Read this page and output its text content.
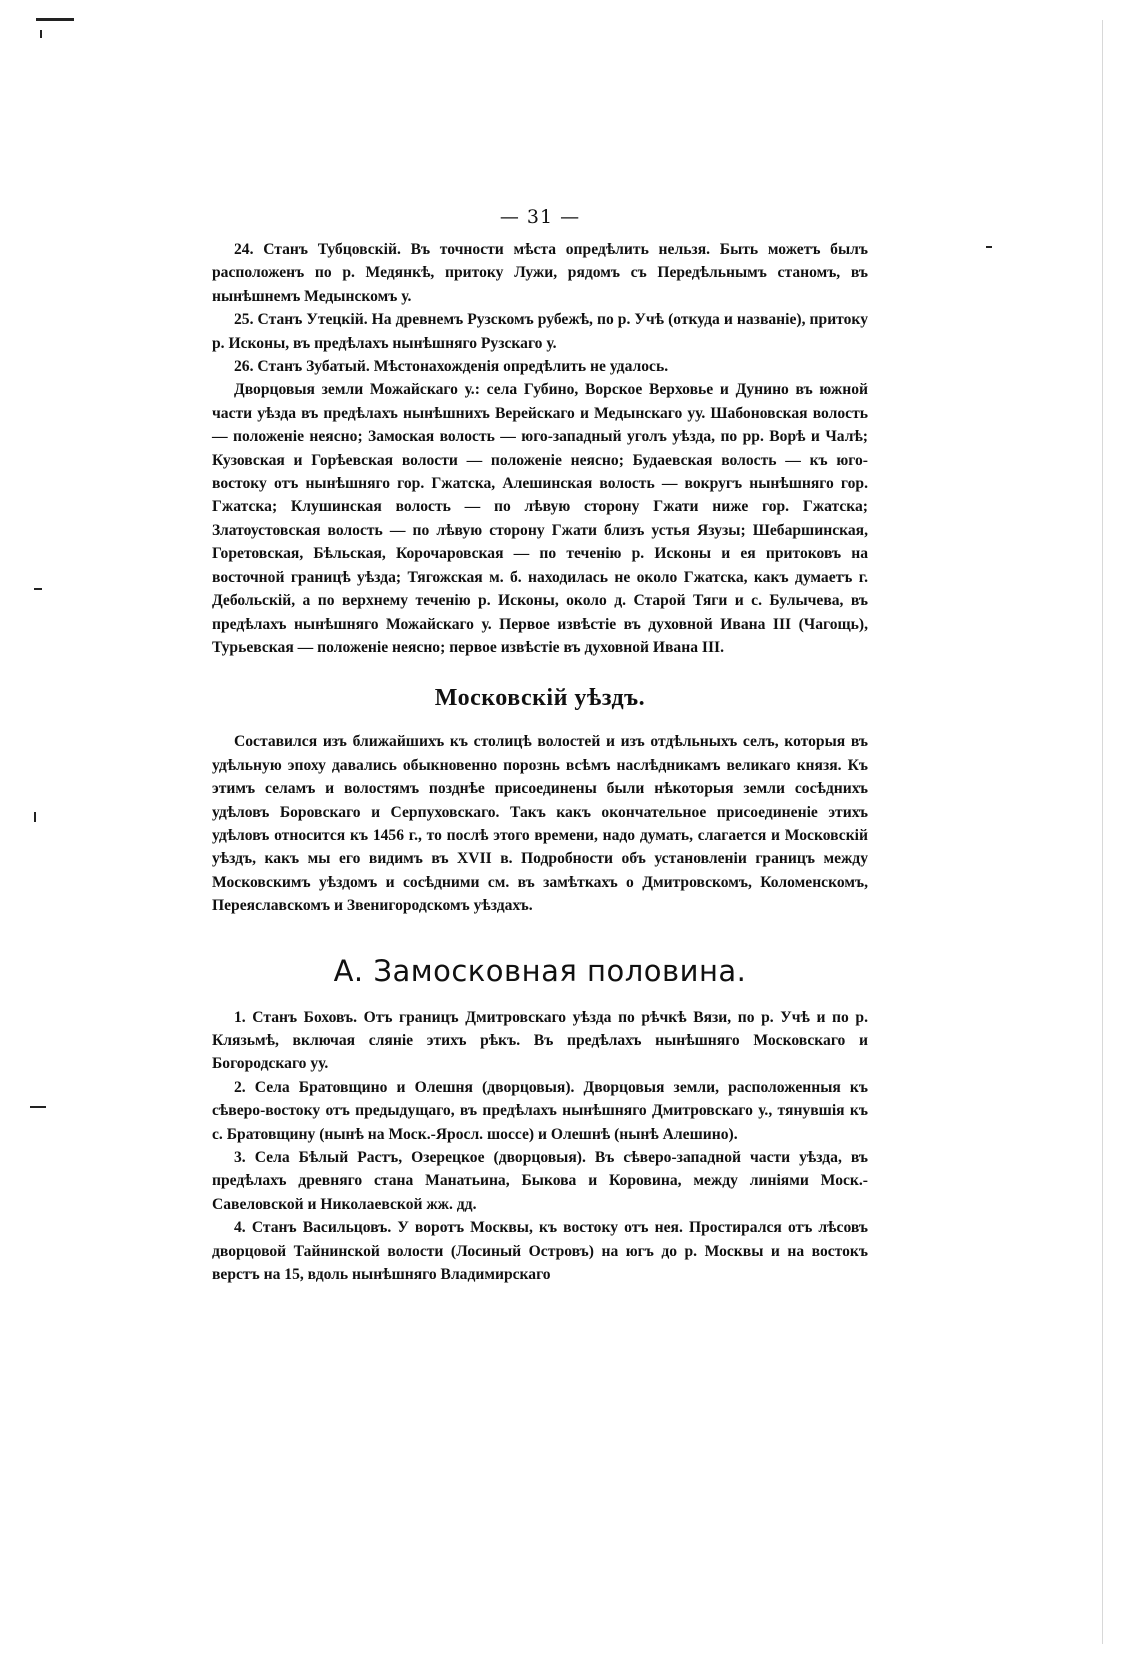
— 31 —

24. Станъ Тубцовскій. Въ точности мѣста опредѣлить нельзя. Быть можетъ былъ расположенъ по р. Медянкѣ, притоку Лужи, рядомъ съ Передѣльнымъ станомъ, въ нынѣшнемъ Медынскомъ у.

25. Станъ Утецкій. На древнемъ Рузскомъ рубежѣ, по р. Учѣ (откуда и названіе), притоку р. Исконы, въ предѣлахъ нынѣшняго Рузскаго у.

26. Станъ Зубатый. Мѣстонахожденія опредѣлить не удалось.

Дворцовыя земли Можайскаго у.: села Губино, Ворское Верховье и Дунино въ южной части уѣзда въ предѣлахъ нынѣшнихъ Верейскаго и Медынскаго уу. Шабоновская волость — положеніе неясно; Замоская волость — юго-западный уголъ уѣзда, по рр. Ворѣ и Чалѣ; Кузовская и Горѣевская волости — положеніе неясно; Будаевская волость — къ юго-востоку отъ нынѣшняго гор. Гжатска, Алешинская волость — вокругъ нынѣшняго гор. Гжатска; Клушинская волость — по лѣвую сторону Гжати ниже гор. Гжатска; Златоустовская волость — по лѣвую сторону Гжати близъ устья Язузы; Шебаршинская, Горетовская, Бѣльская, Корочаровская — по теченію р. Исконы и ея притоковъ на восточной границѣ уѣзда; Тягожская м. б. находилась не около Гжатска, какъ думаетъ г. Дебольскій, а по верхнему теченію р. Исконы, около д. Старой Тяги и с. Булычева, въ предѣлахъ нынѣшняго Можайскаго у. Первое извѣстіе въ духовной Ивана III (Чагощь), Турьевская — положеніе неясно; первое извѣстіе въ духовной Ивана III.

Московскій уѣздъ.

Составился изъ ближайшихъ къ столицѣ волостей и изъ отдѣльныхъ селъ, которыя въ удѣльную эпоху давались обыкновенно порознь всѣмъ наслѣдникамъ великаго князя. Къ этимъ селамъ и волостямъ позднѣе присоединены были нѣкоторыя земли сосѣднихъ удѣловъ Боровскаго и Серпуховскаго. Такъ какъ окончательное присоединеніе этихъ удѣловъ относится къ 1456 г., то послѣ этого времени, надо думать, слагается и Московскій уѣздъ, какъ мы его видимъ въ XVII в. Подробности объ установленіи границъ между Московскимъ уѣздомъ и сосѣдними см. въ замѣткахъ о Дмитровскомъ, Коломенскомъ, Переяславскомъ и Звенигородскомъ уѣздахъ.

А. Замосковная половина.

1. Станъ Боховъ. Отъ границъ Дмитровскаго уѣзда по рѣчкѣ Вязи, по р. Учѣ и по р. Клязьмѣ, включая сляніе этихъ рѣкъ. Въ предѣлахъ нынѣшняго Московскаго и Богородскаго уу.

2. Села Братовщино и Олешня (дворцовыя). Дворцовыя земли, расположенныя къ сѣверо-востоку отъ предыдущаго, въ предѣлахъ нынѣшняго Дмитровскаго у., тянувшія къ с. Братовщину (нынѣ на Моск.-Яросл. шоссе) и Олешнѣ (нынѣ Алешино).

3. Села Бѣлый Растъ, Озерецкое (дворцовыя). Въ сѣверо-западной части уѣзда, въ предѣлахъ древняго стана Манатьина, Быкова и Коровина, между линіями Моск.-Савеловской и Николаевской жж. дд.

4. Станъ Васильцовъ. У воротъ Москвы, къ востоку отъ нея. Простирался отъ лѣсовъ дворцовой Тайнинской волости (Лосиный Островъ) на югъ до р. Москвы и на востокъ верстъ на 15, вдоль нынѣшняго Владимирскаго
